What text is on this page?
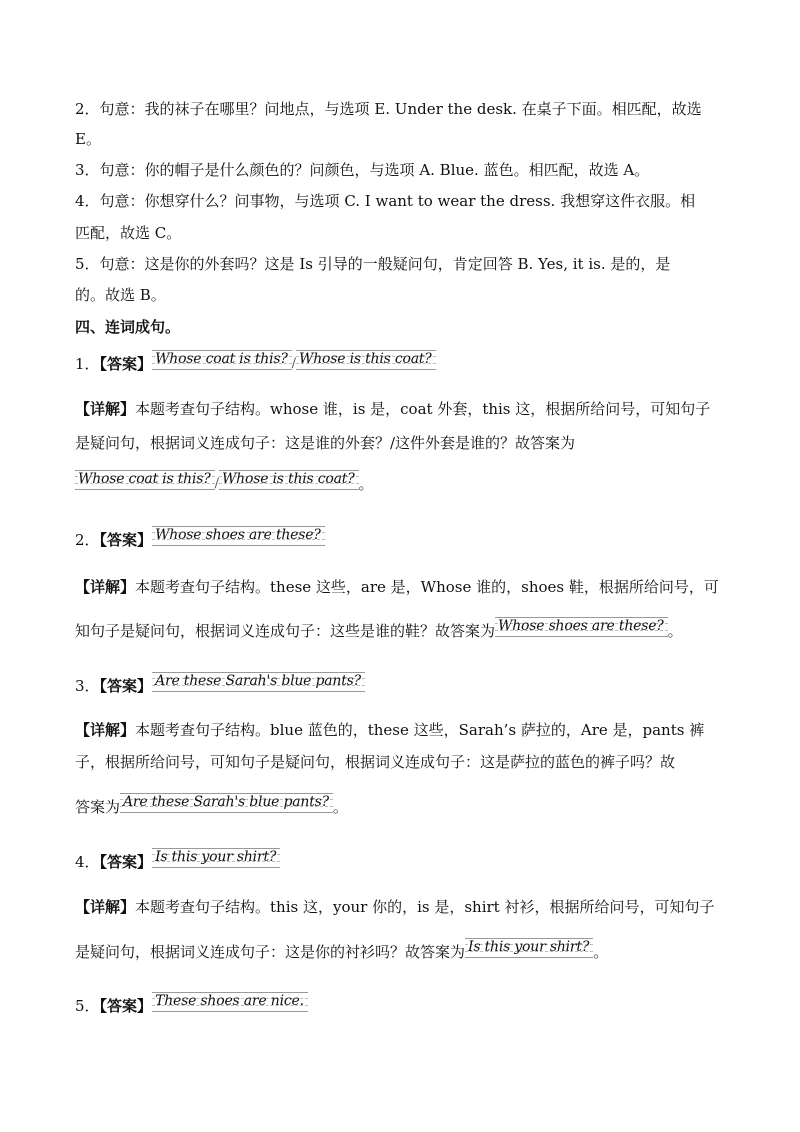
2．句意：我的袜子在哪里？问地点，与选项 E. Under the desk. 在桌子下面。相匹配，故选
E。
3．句意：你的帽子是什么颜色的？问颜色，与选项 A. Blue. 蓝色。相匹配，故选 A。
4．句意：你想穿什么？问事物，与选项 C. I want to wear the dress. 我想穿这件衣服。相
匹配，故选 C。
5．句意：这是你的外套吗？这是 Is 引导的一般疑问句，肯定回答 B. Yes, it is. 是的，是
的。故选 B。
四、连词成句。
1．【答案】 Whose coat is this? / Whose is this coat?
【详解】本题考查句子结构。whose 谁，is 是，coat 外套，this 这，根据所给问号，可知句子
是疑问句，根据词义连成句子：这是谁的外套？/这件外套是谁的？故答案为
Whose coat is this? / Whose is this coat? 。
2．【答案】 Whose shoes are these?
【详解】本题考查句子结构。these 这些，are 是，Whose 谁的，shoes 鞋，根据所给问号，可
知句子是疑问句，根据词义连成句子：这些是谁的鞋？故答案为 Whose shoes are these? 。
3．【答案】 Are these Sarah's blue pants?
【详解】本题考查句子结构。blue 蓝色的，these 这些，Sarah’s 萨拉的，Are 是，pants 裤
子，根据所给问号，可知句子是疑问句，根据词义连成句子：这是萨拉的蓝色的裤子吗？故
答案为 Are these Sarah's blue pants? 。
4．【答案】 Is this your shirt?
【详解】本题考查句子结构。this 这，your 你的，is 是，shirt 衬衫，根据所给问号，可知句子
是疑问句，根据词义连成句子：这是你的衬衫吗？故答案为 Is this your shirt? 。
5．【答案】 These shoes are nice.
